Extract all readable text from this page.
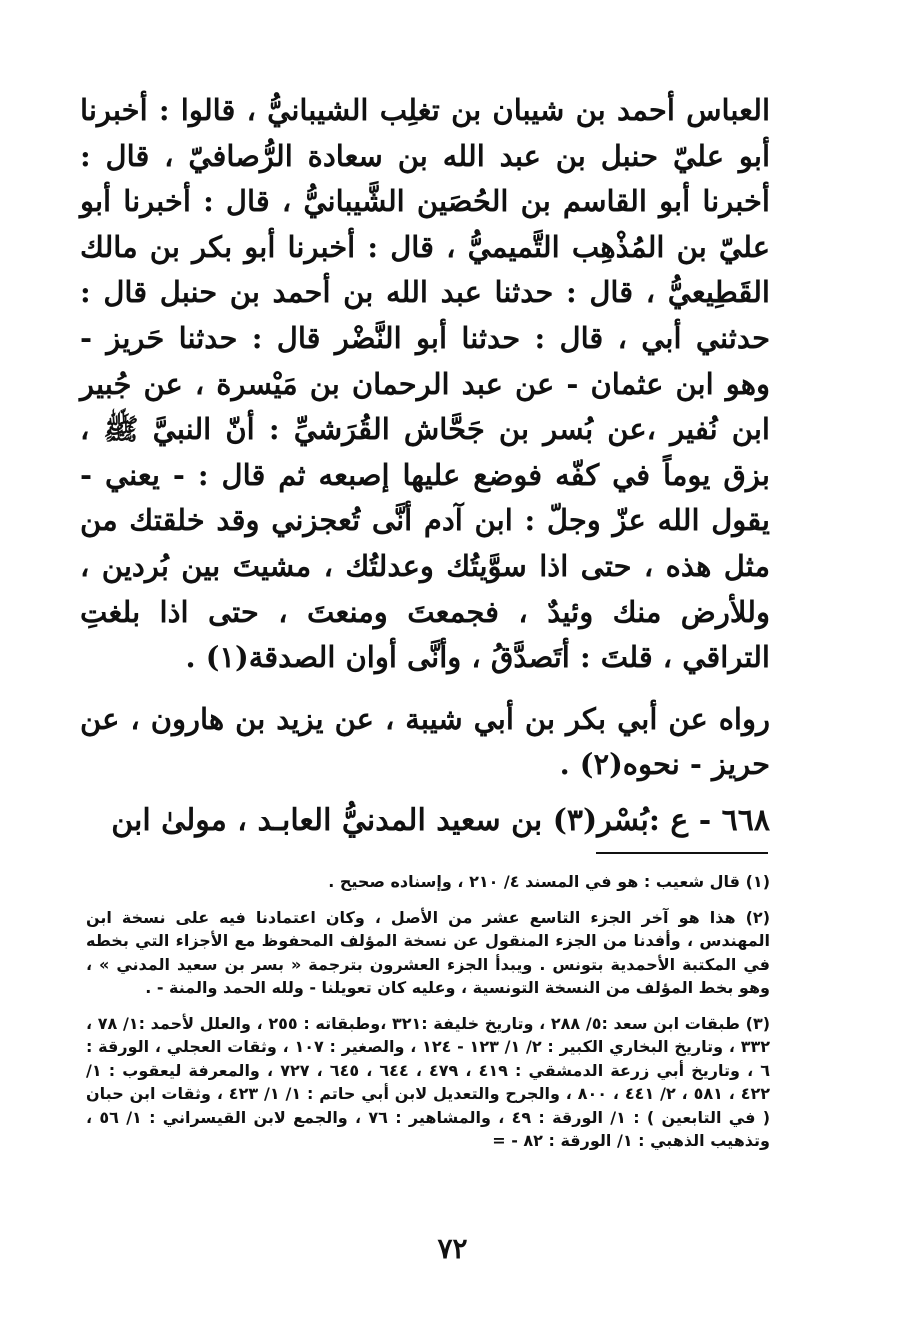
العباس أحمد بن شيبان بن تغلِب الشيبانيُّ ، قالوا : أخبرنا أبو عليّ حنبل بن عبد الله بن سعادة الرُّصافيّ ، قال : أخبرنا أبو القاسم بن الحُصَين الشَّيبانيُّ ، قال : أخبرنا أبو عليّ بن المُذْهِب التَّميميُّ ، قال : أخبرنا أبو بكر بن مالك القَطِيعيُّ ، قال : حدثنا عبد الله بن أحمد بن حنبل قال : حدثني أبي ، قال : حدثنا أبو النَّضْر قال : حدثنا حَريز - وهو ابن عثمان - عن عبد الرحمان بن مَيْسرة ، عن جُبير ابن نُفير ،عن بُسر بن جَحَّاش القُرَشيِّ : أنّ النبيَّ ﷺ ، بزق يوماً في كفّه فوضع عليها إصبعه ثم قال : - يعني - يقول الله عزّ وجلّ : ابن آدم أنَّى تُعجزني وقد خلقتك من مثل هذه ، حتى اذا سوَّيتُك وعدلتُك ، مشيتَ بين بُردين ، وللأرض منك وئيدٌ ، فجمعتَ ومنعتَ ، حتى اذا بلغتِ التراقي ، قلتَ : أتَصدَّقُ ، وأنَّى أوان الصدقة(١) .

رواه عن أبي بكر بن أبي شيبة ، عن يزيد بن هارون ، عن حريز - نحوه(٢) .

٦٦٨ - ع :بُسْر(٣) بن سعيد المدنيُّ العابـد ، مولىٰ ابن

(١) قال شعيب : هو في المسند ٤/ ٢١٠ ، وإسناده صحيح .

(٢) هذا هو آخر الجزء التاسع عشر من الأصل ، وكان اعتمادنا فيه على نسخة ابن المهندس ، وأفدنا من الجزء المنقول عن نسخة المؤلف المحفوظ مع الأجزاء التي بخطه في المكتبة الأحمدية بتونس . ويبدأ الجزء العشرون بترجمة « بسر بن سعيد المدني » ، وهو بخط المؤلف من النسخة التونسية ، وعليه كان تعويلنا - ولله الحمد والمنة - .

(٣) طبقات ابن سعد :٥/ ٢٨٨ ، وتاريخ خليفة :٣٢١ ،وطبقاته : ٢٥٥ ، والعلل لأحمد :١/ ٧٨ ، ٣٣٢ ، وتاريخ البخاري الكبير : ٢/ ١/ ١٢٣ - ١٢٤ ، والصغير : ١٠٧ ، وثقات العجلي ، الورقة : ٦ ، وتاريخ أبي زرعة الدمشقي : ٤١٩ ، ٤٧٩ ، ٦٤٤ ، ٦٤٥ ، ٧٢٧ ، والمعرفة ليعقوب : ١/ ٤٢٢ ، ٥٨١ ، ٢/ ٤٤١ ، ٨٠٠ ، والجرح والتعديل لابن أبي حاتم : ١/ ١/ ٤٢٣ ، وثقات ابن حبان ( في التابعين ) : ١/ الورقة : ٤٩ ، والمشاهير : ٧٦ ، والجمع لابن القيسراني : ١/ ٥٦ ، وتذهيب الذهبي : ١/ الورقة : ٨٢ - =

٧٢
